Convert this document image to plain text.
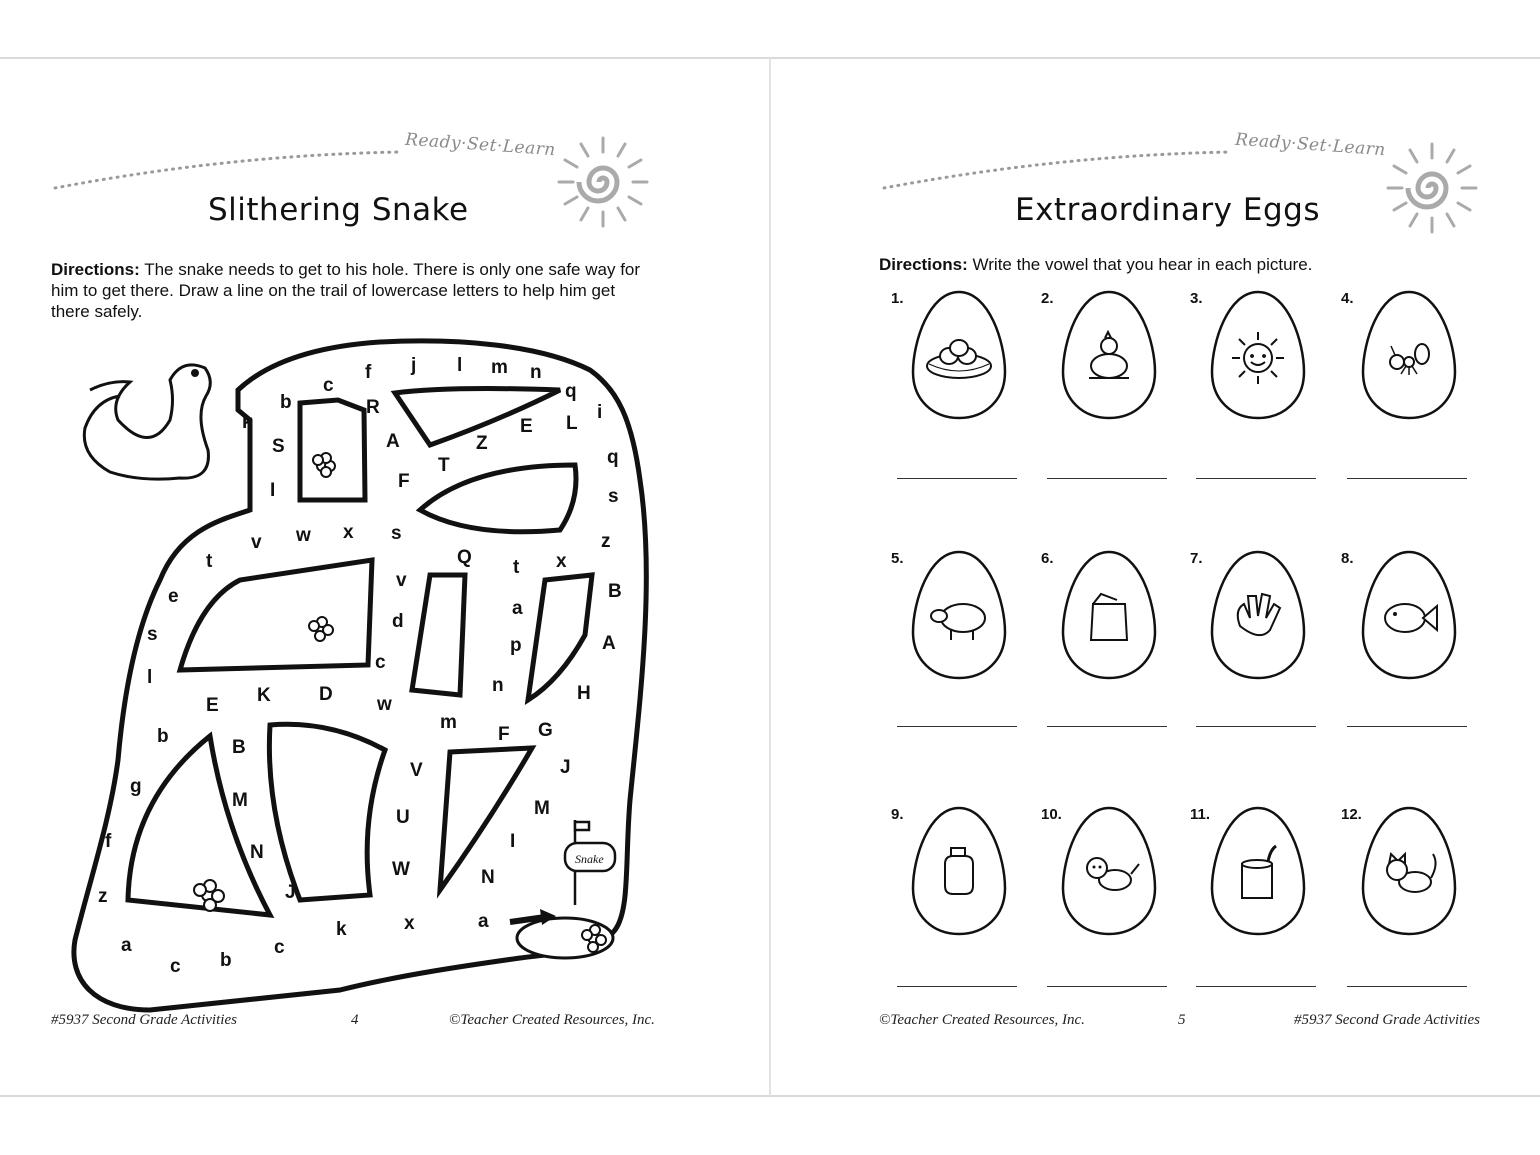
Ready·Set·Learn
Slithering Snake
Directions: The snake needs to get to his hole. There is only one safe way for him to get there. Draw a line on the trail of lowercase letters to help him get there safely.
Snake
k
b
c
f j l m n
q
i
R
A	Z
E L
S
T	q
I	F
s
v w x s	z
t	Q t x
v
e	B
a
d
s
p	A
c
l	n	H
E K	D w
m
F G
b
B
J
g
M
V
U	M
f
N
I
W	N
J
z
k	x	a
a
c b
c
#5937 Second Grade Activities	4	©Teacher Created Resources, Inc.
Ready·Set·Learn
Extraordinary Eggs
Directions: Write the vowel that you hear in each picture.
1.	2.	3.	4.
5.	6.	7.	8.
9.	10.	11.	12.
©Teacher Created Resources, Inc.	5	#5937 Second Grade Activities
